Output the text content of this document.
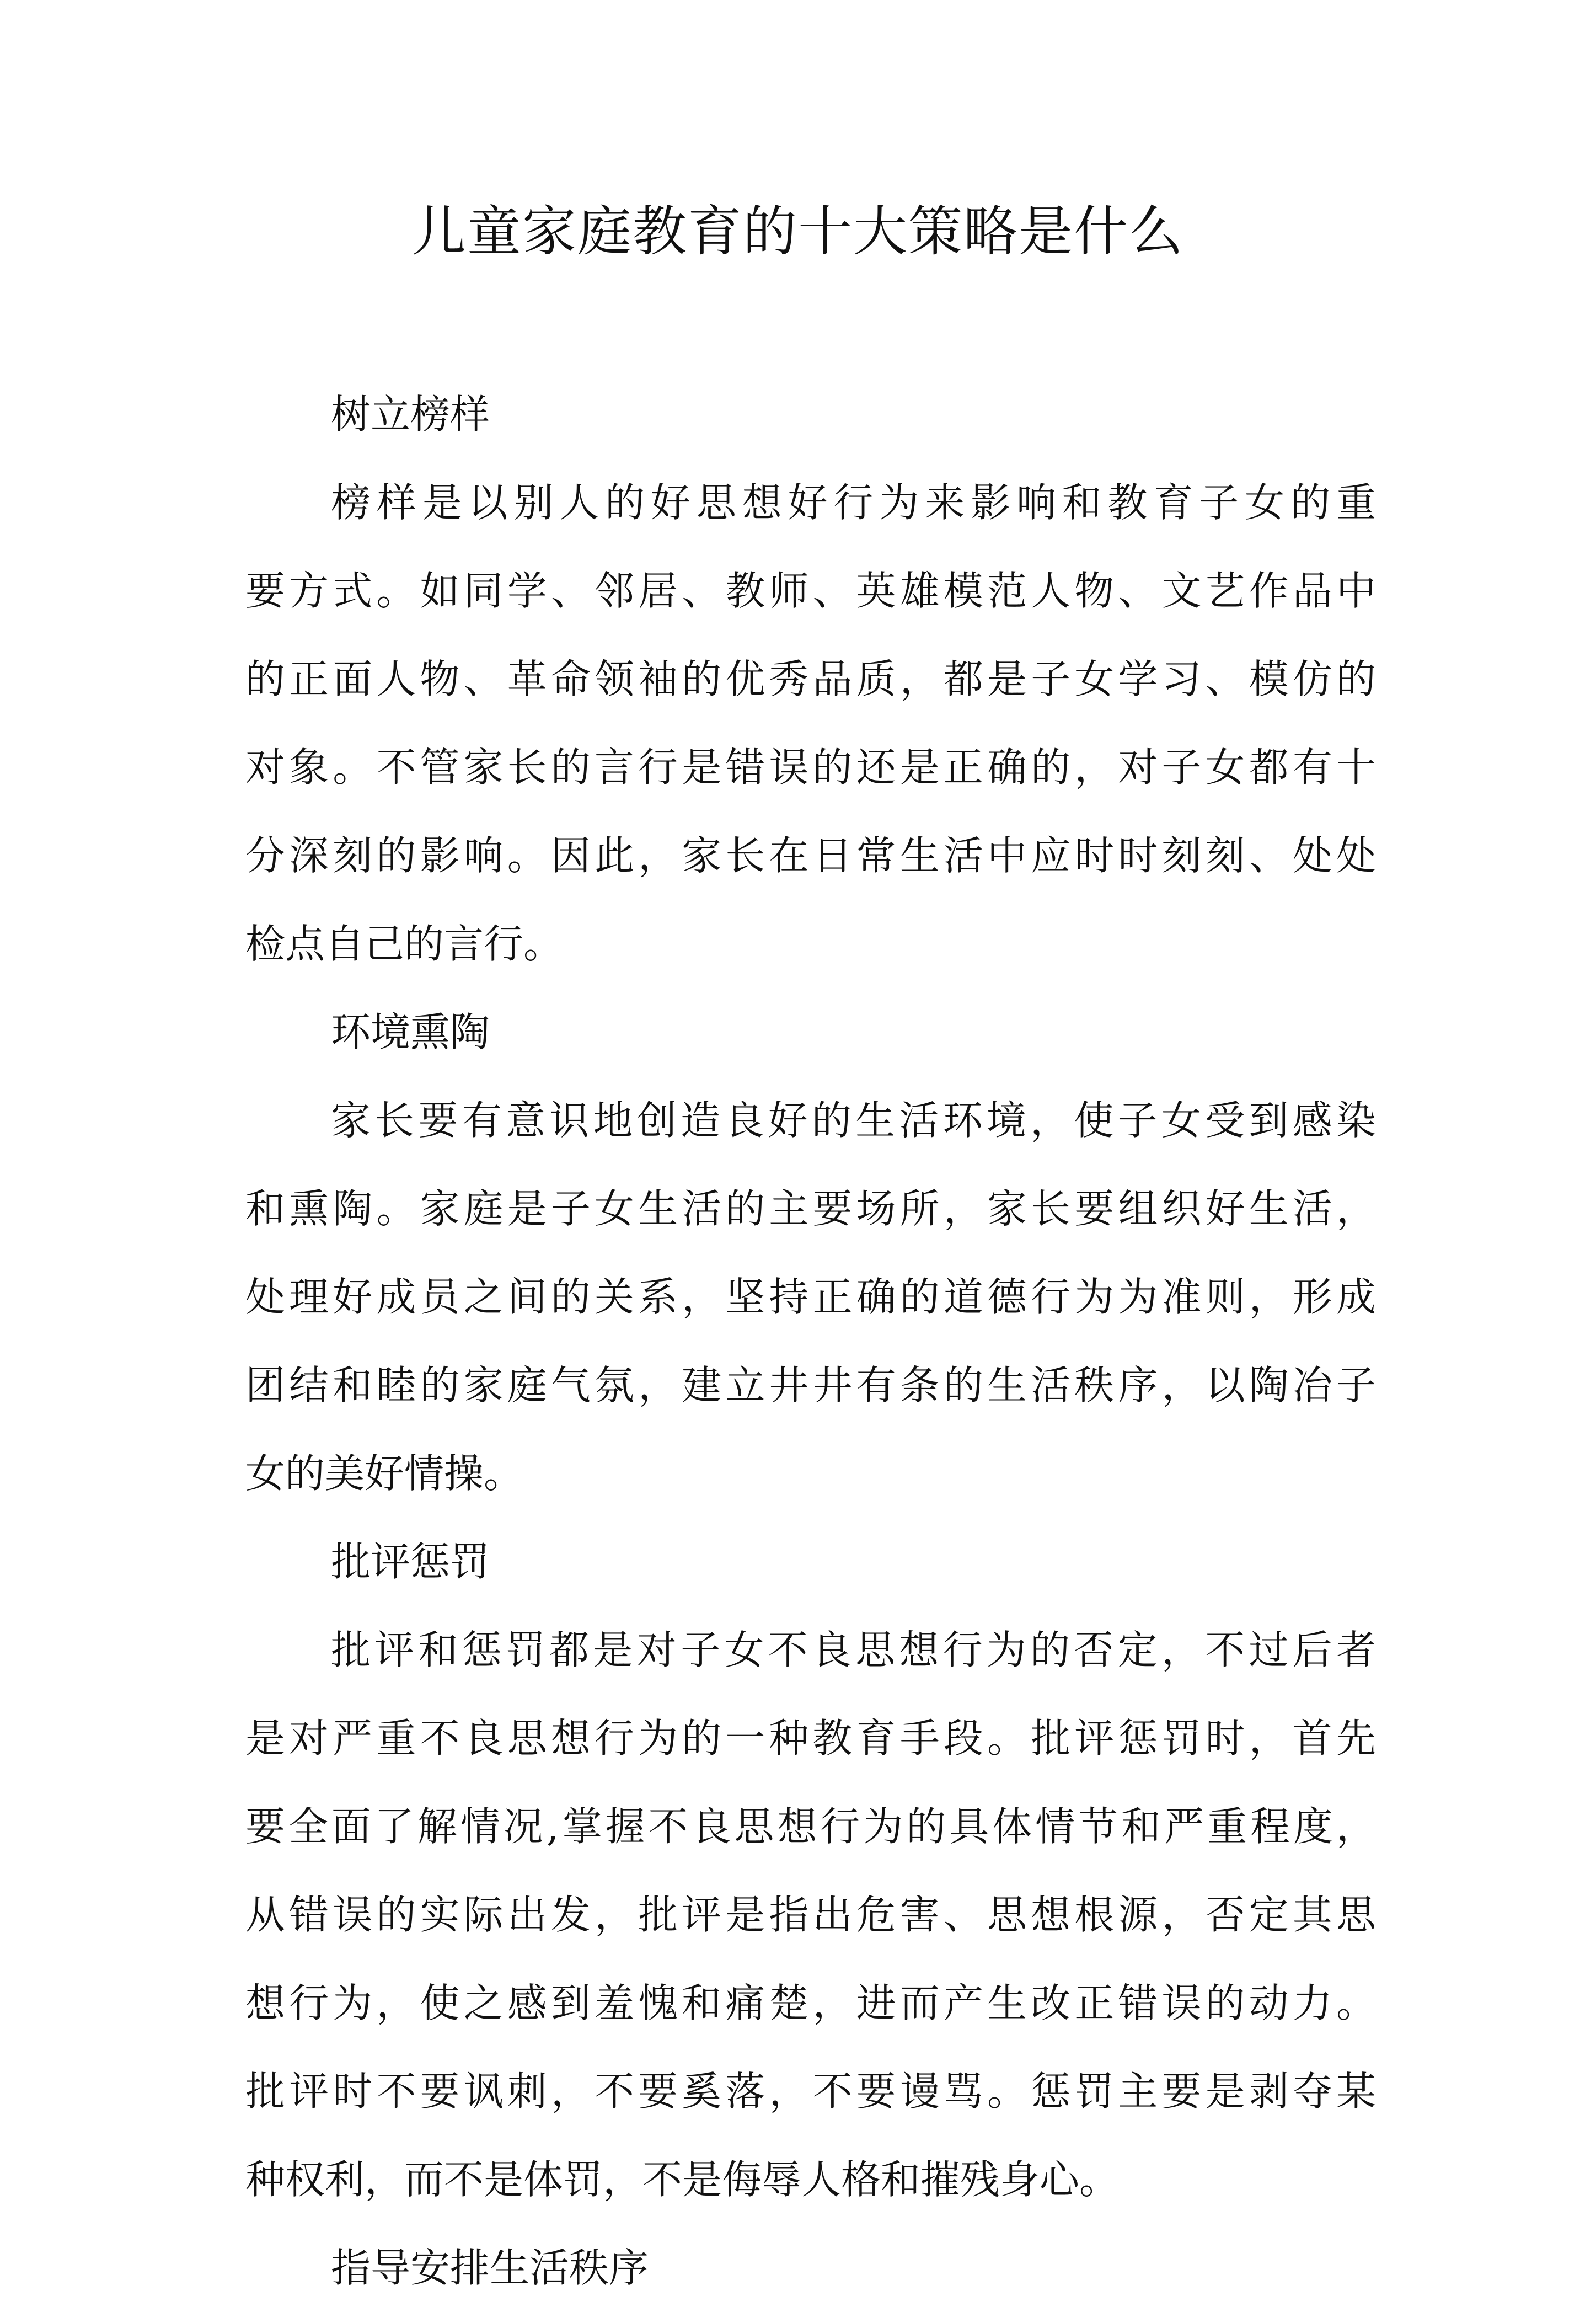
儿童家庭教育的十大策略是什么
树立榜样
榜样是以别人的好思想好行为来影响和教育子女的重
要方式。如同学、邻居、教师、英雄模范人物、文艺作品中
的正面人物、革命领袖的优秀品质，都是子女学习、模仿的
对象。不管家长的言行是错误的还是正确的，对子女都有十
分深刻的影响。因此，家长在日常生活中应时时刻刻、处处
检点自己的言行。
环境熏陶
家长要有意识地创造良好的生活环境，使子女受到感染
和熏陶。家庭是子女生活的主要场所，家长要组织好生活，
处理好成员之间的关系，坚持正确的道德行为为准则，形成
团结和睦的家庭气氛，建立井井有条的生活秩序，以陶冶子
女的美好情操。
批评惩罚
批评和惩罚都是对子女不良思想行为的否定，不过后者
是对严重不良思想行为的一种教育手段。批评惩罚时，首先
要全面了解情况,掌握不良思想行为的具体情节和严重程度，
从错误的实际出发，批评是指出危害、思想根源，否定其思
想行为，使之感到羞愧和痛楚，进而产生改正错误的动力。
批评时不要讽刺，不要奚落，不要谩骂。惩罚主要是剥夺某
种权利，而不是体罚，不是侮辱人格和摧残身心。
指导安排生活秩序
